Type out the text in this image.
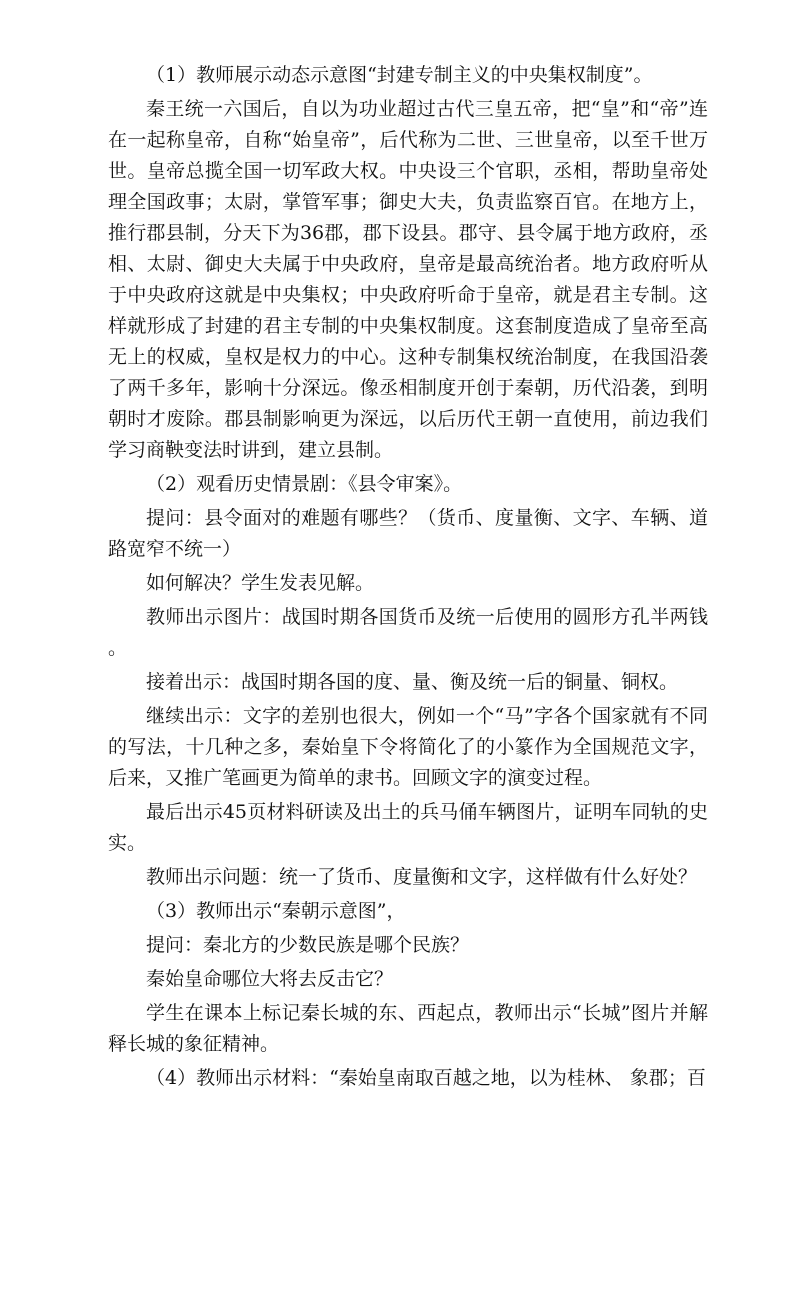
（1）教师展示动态示意图“封建专制主义的中央集权制度”。

秦王统一六国后，自以为功业超过古代三皇五帝，把“皇”和“帝”连在一起称皇帝，自称“始皇帝”，后代称为二世、三世皇帝，以至千世万世。皇帝总揽全国一切军政大权。中央设三个官职，丞相，帮助皇帝处理全国政事；太尉，掌管军事；御史大夫，负责监察百官。在地方上，推行郡县制，分天下为36郡，郡下设县。郡守、县令属于地方政府，丞相、太尉、御史大夫属于中央政府，皇帝是最高统治者。地方政府听从于中央政府这就是中央集权；中央政府听命于皇帝，就是君主专制。这样就形成了封建的君主专制的中央集权制度。这套制度造成了皇帝至高无上的权威，皇权是权力的中心。这种专制集权统治制度，在我国沿袭了两千多年，影响十分深远。像丞相制度开创于秦朝，历代沿袭，到明朝时才废除。郡县制影响更为深远，以后历代王朝一直使用，前边我们学习商鞅变法时讲到，建立县制。

（2）观看历史情景剧：《县令审案》。

提问：县令面对的难题有哪些？（货币、度量衡、文字、车辆、道路宽窄不统一）

如何解决？学生发表见解。

教师出示图片：战国时期各国货币及统一后使用的圆形方孔半两钱 。

接着出示：战国时期各国的度、量、衡及统一后的铜量、铜权。

继续出示：文字的差别也很大，例如一个“马”字各个国家就有不同的写法，十几种之多，秦始皇下令将简化了的小篆作为全国规范文字，后来，又推广笔画更为简单的隶书。回顾文字的演变过程。

最后出示45页材料研读及出土的兵马俑车辆图片，证明车同轨的史实。

教师出示问题：统一了货币、度量衡和文字，这样做有什么好处？

（3）教师出示“秦朝示意图”，

提问：秦北方的少数民族是哪个民族？

秦始皇命哪位大将去反击它？

学生在课本上标记秦长城的东、西起点，教师出示“长城”图片并解释长城的象征精神。

（4）教师出示材料：“秦始皇南取百越之地，以为桂林、 象郡；百
